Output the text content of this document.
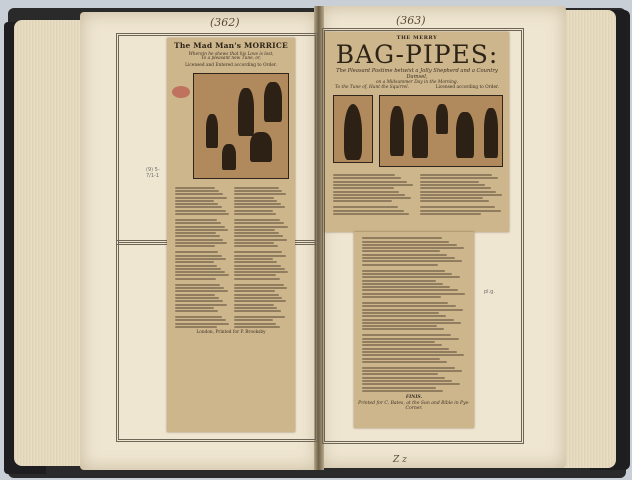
(362)	(363)
Z z
The Mad Man's MORRICE
Wherein he shews that his Love is lost,
To a pleasant new Tune, or,
Licensed and Entered according to Order.
London, Printed for P. Brooksby
(9) 5-7/1-1
THE MERRY
BAG-PIPES:
The Pleasant Pastime betwixt a Jolly Shepherd and a Country Damsel,
on a Midsummer Day in the Morning.
To the Tune of, Hunt the Squirrel.	Licensed according to Order.
FINIS.
Printed for C. Bates, at the Sun and Bible in Pye-Corner.
pl.g.
